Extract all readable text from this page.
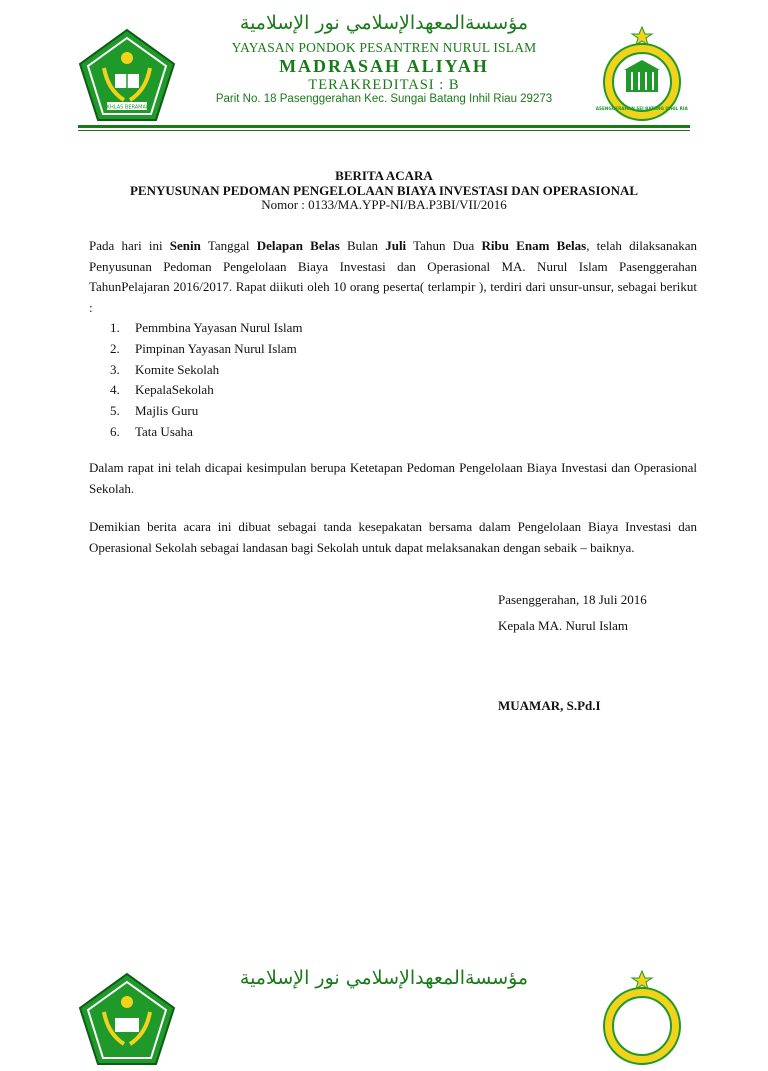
IKHLAS BERAMAL	PASENGGERAHAN SEI BATANG INHIL RIAU
مؤسسةالمعهدالإسلامي نور الإسلامية
YAYASAN PONDOK PESANTREN NURUL ISLAM
MADRASAH ALIYAH
TERAKREDITASI : B
Parit No. 18 Pasenggerahan Kec. Sungai Batang Inhil Riau 29273
BERITA ACARA
PENYUSUNAN PEDOMAN PENGELOLAAN BIAYA INVESTASI DAN OPERASIONAL
Nomor : 0133/MA.YPP-NI/BA.P3BI/VII/2016
Pada hari ini Senin Tanggal Delapan Belas Bulan Juli Tahun Dua Ribu Enam Belas, telah dilaksanakan Penyusunan Pedoman Pengelolaan Biaya Investasi dan Operasional MA. Nurul Islam Pasenggerahan TahunPelajaran 2016/2017. Rapat diikuti oleh 10 orang peserta( terlampir ), terdiri dari unsur-unsur, sebagai berikut :
1. Pemmbina Yayasan Nurul Islam
2. Pimpinan Yayasan Nurul Islam
3. Komite Sekolah
4. KepalaSekolah
5. Majlis Guru
6. Tata Usaha
Dalam rapat ini telah dicapai kesimpulan berupa Ketetapan Pedoman Pengelolaan Biaya Investasi dan Operasional Sekolah.
Demikian berita acara ini dibuat sebagai tanda kesepakatan bersama dalam Pengelolaan Biaya Investasi dan Operasional Sekolah sebagai landasan bagi Sekolah untuk dapat melaksanakan dengan sebaik – baiknya.
Pasenggerahan, 18 Juli 2016
Kepala MA. Nurul Islam
MUAMAR, S.Pd.I
مؤسسةالمعهدالإسلامي نور الإسلامية
